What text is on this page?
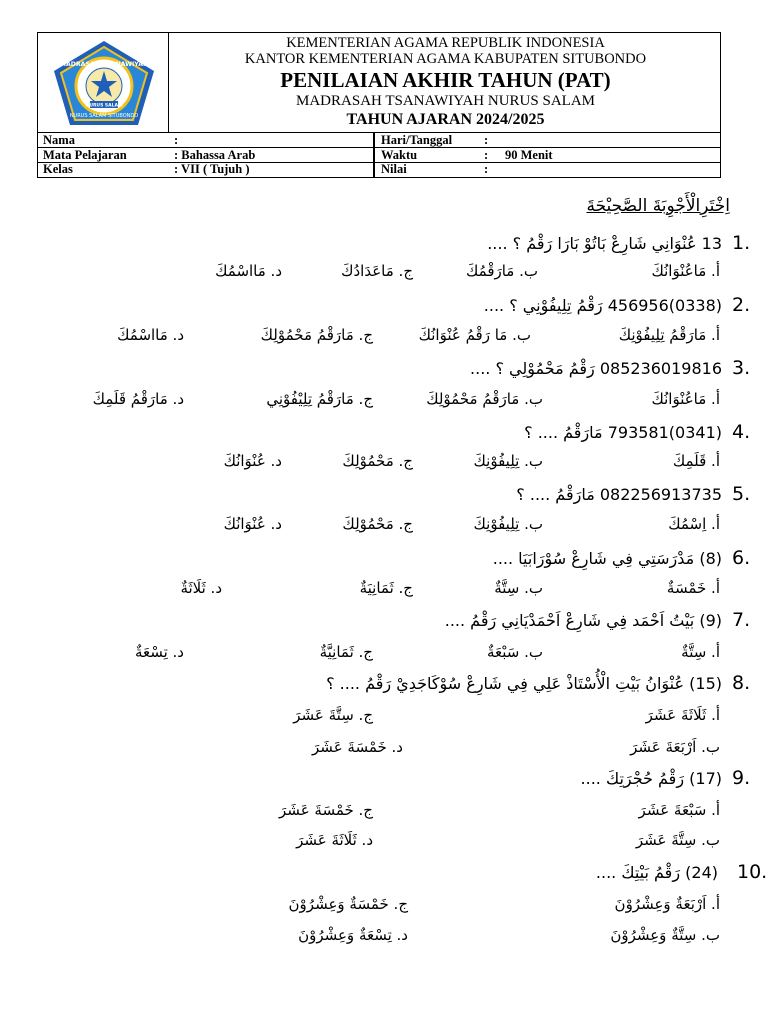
NURUS SALAM
MADRASAH TSANAWIYAH
NURUS SALAM SITUBONDO
KEMENTERIAN AGAMA REPUBLIK INDONESIA
KANTOR KEMENTERIAN AGAMA KABUPATEN SITUBONDO
PENILAIAN AKHIR TAHUN (PAT)
MADRASAH TSANAWIYAH NURUS SALAM
TAHUN AJARAN 2024/2025
Nama	:
Mata Pelajaran	: Bahassa Arab
Kelas	: VII ( Tujuh )
Hari/Tanggal	:
Waktu	: 90 Menit
Nilai	:
اِخْتَرِالْأَجْوِبَةَ الصَّحِيْحَةَ
1.
13 عُنْوَانِي شَارِعْ بَاتُوْ بَارَا رَقْمُ ؟ ....
أ. مَاعُنْوَانُكَ
ب. مَارَقْمُكَ
ج. مَاعَدَادُكَ
د. مَااسْمُكَ
2.
(0338)456956 رَقْمُ تِلِيفُوْنِي ؟ ....
أ. مَارَقْمُ تِلِيفُوْنِكَ
ب. مَا رَقْمُ عُنْوَانُكَ
ج. مَارَقْمُ مَحْمُوْلِكَ
د. مَااسْمُكَ
3.
085236019816 رَقْمُ مَحْمُوْلِي ؟ ....
أ. مَاعُنْوَانُكَ
ب. مَارَقْمُ مَحْمُوْلِكَ
ج. مَارَقْمُ تِلِيْفُوْنِي
د. مَارَقْمُ قَلَمِكَ
4.
(0341)793581 مَارَقْمُ .... ؟
أ. قَلَمِكَ
ب. تِلِيفُوْنِكَ
ج. مَحْمُوْلِكَ
د. عُنْوَانُكَ
5.
082256913735 مَارَقْمُ .... ؟
أ. اِسْمُكَ
ب. تِلِيفُوْنِكَ
ج. مَحْمُوْلِكَ
د. عُنْوَانُكَ
6.
(8) مَدْرَسَتِي فِي شَارِعْ سُوْرَابَيَا ....
أ. خَمْسَةٌ
ب. سِتَّةٌ
ج. ثَمَانِيَةٌ
د. ثَلَاثَةٌ
7.
(9) بَيْتُ اَحْمَد فِي شَارِعْ اَحْمَدْيَانِي رَقْمُ ....
أ. سِتَّةٌ
ب. سَبْعَةٌ
ج. ثَمَانِيَّةٌ
د. تِسْعَةٌ
8.
(15) عُنْوَانُ بَيْتِ الْأُسْتَاذْ عَلِي فِي شَارِعْ سُوْكَاجَدِيْ رَقْمُ .... ؟
أ. ثَلَاثَةَ عَشَرَ
ب. اَرْبَعَةَ عَشَرَ
ج. سِتَّةَ عَشَرَ
د. خَمْسَةَ عَشَرَ
9.
(17) رَقْمُ حُجْرَتِكَ ....
أ. سَبْعَةَ عَشَرَ
ب. سِتَّةَ عَشَرَ
ج. خَمْسَةَ عَشَرَ
د. ثَلَاثَةَ عَشَرَ
10.
(24) رَقْمُ بَيْتِكَ ....
أ. اَرْبَعَةٌ وَعِشْرُوْنَ
ب. سِتَّةٌ وَعِشْرُوْنَ
ج. خَمْسَةٌ وَعِشْرُوْنَ
د. تِسْعَةٌ وَعِشْرُوْنَ
